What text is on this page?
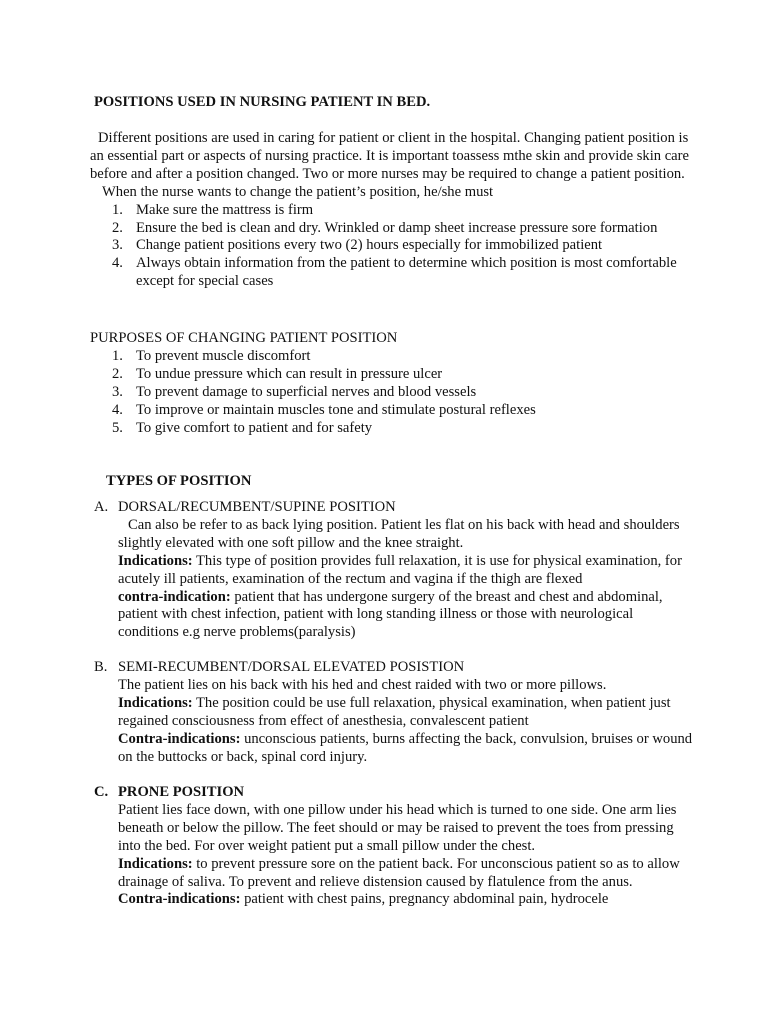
POSITIONS USED IN NURSING PATIENT IN BED.
Different positions are used in caring for patient or client in the hospital. Changing patient position is an essential part or aspects of nursing practice. It is important toassess mthe skin and provide skin care before and after a position changed. Two or more nurses may be required to change a patient position.
When the nurse wants to change the patient’s position, he/she must
1. Make sure the mattress is firm
2. Ensure the bed is clean and dry. Wrinkled or damp sheet increase pressure sore formation
3. Change patient positions every two (2) hours especially for immobilized patient
4. Always obtain information from the patient to determine which position is most comfortable except for special cases
PURPOSES OF CHANGING PATIENT POSITION
1. To prevent muscle discomfort
2. To undue pressure which can result in pressure ulcer
3. To prevent damage to superficial nerves and blood vessels
4. To improve or maintain muscles tone and stimulate postural reflexes
5. To give comfort to patient and for safety
TYPES OF POSITION
A. DORSAL/RECUMBENT/SUPINE POSITION
Can also be refer to as back lying position. Patient les flat on his back with head and shoulders slightly elevated with one soft pillow and the knee straight.
Indications: This type of position provides full relaxation, it is use for physical examination, for acutely ill patients, examination of the rectum and vagina if the thigh are flexed
contra-indication: patient that has undergone surgery of the breast and chest and abdominal, patient with chest infection, patient with long standing illness or those with neurological conditions e.g nerve problems(paralysis)
B. SEMI-RECUMBENT/DORSAL ELEVATED POSISTION
The patient lies on his back with his hed and chest raided with two or more pillows.
Indications: The position could be use full relaxation, physical examination, when patient just regained consciousness from effect of anesthesia, convalescent patient
Contra-indications: unconscious patients, burns affecting the back, convulsion, bruises or wound on the buttocks or back, spinal cord injury.
C. PRONE POSITION
Patient lies face down, with one pillow under his head which is turned to one side. One arm lies beneath or below the pillow. The feet should or may be raised to prevent the toes from pressing into the bed. For over weight patient put a small pillow under the chest.
Indications: to prevent pressure sore on the patient back. For unconscious patient so as to allow drainage of saliva. To prevent and relieve distension caused by flatulence from the anus.
Contra-indications: patient with chest pains, pregnancy abdominal pain, hydrocele
